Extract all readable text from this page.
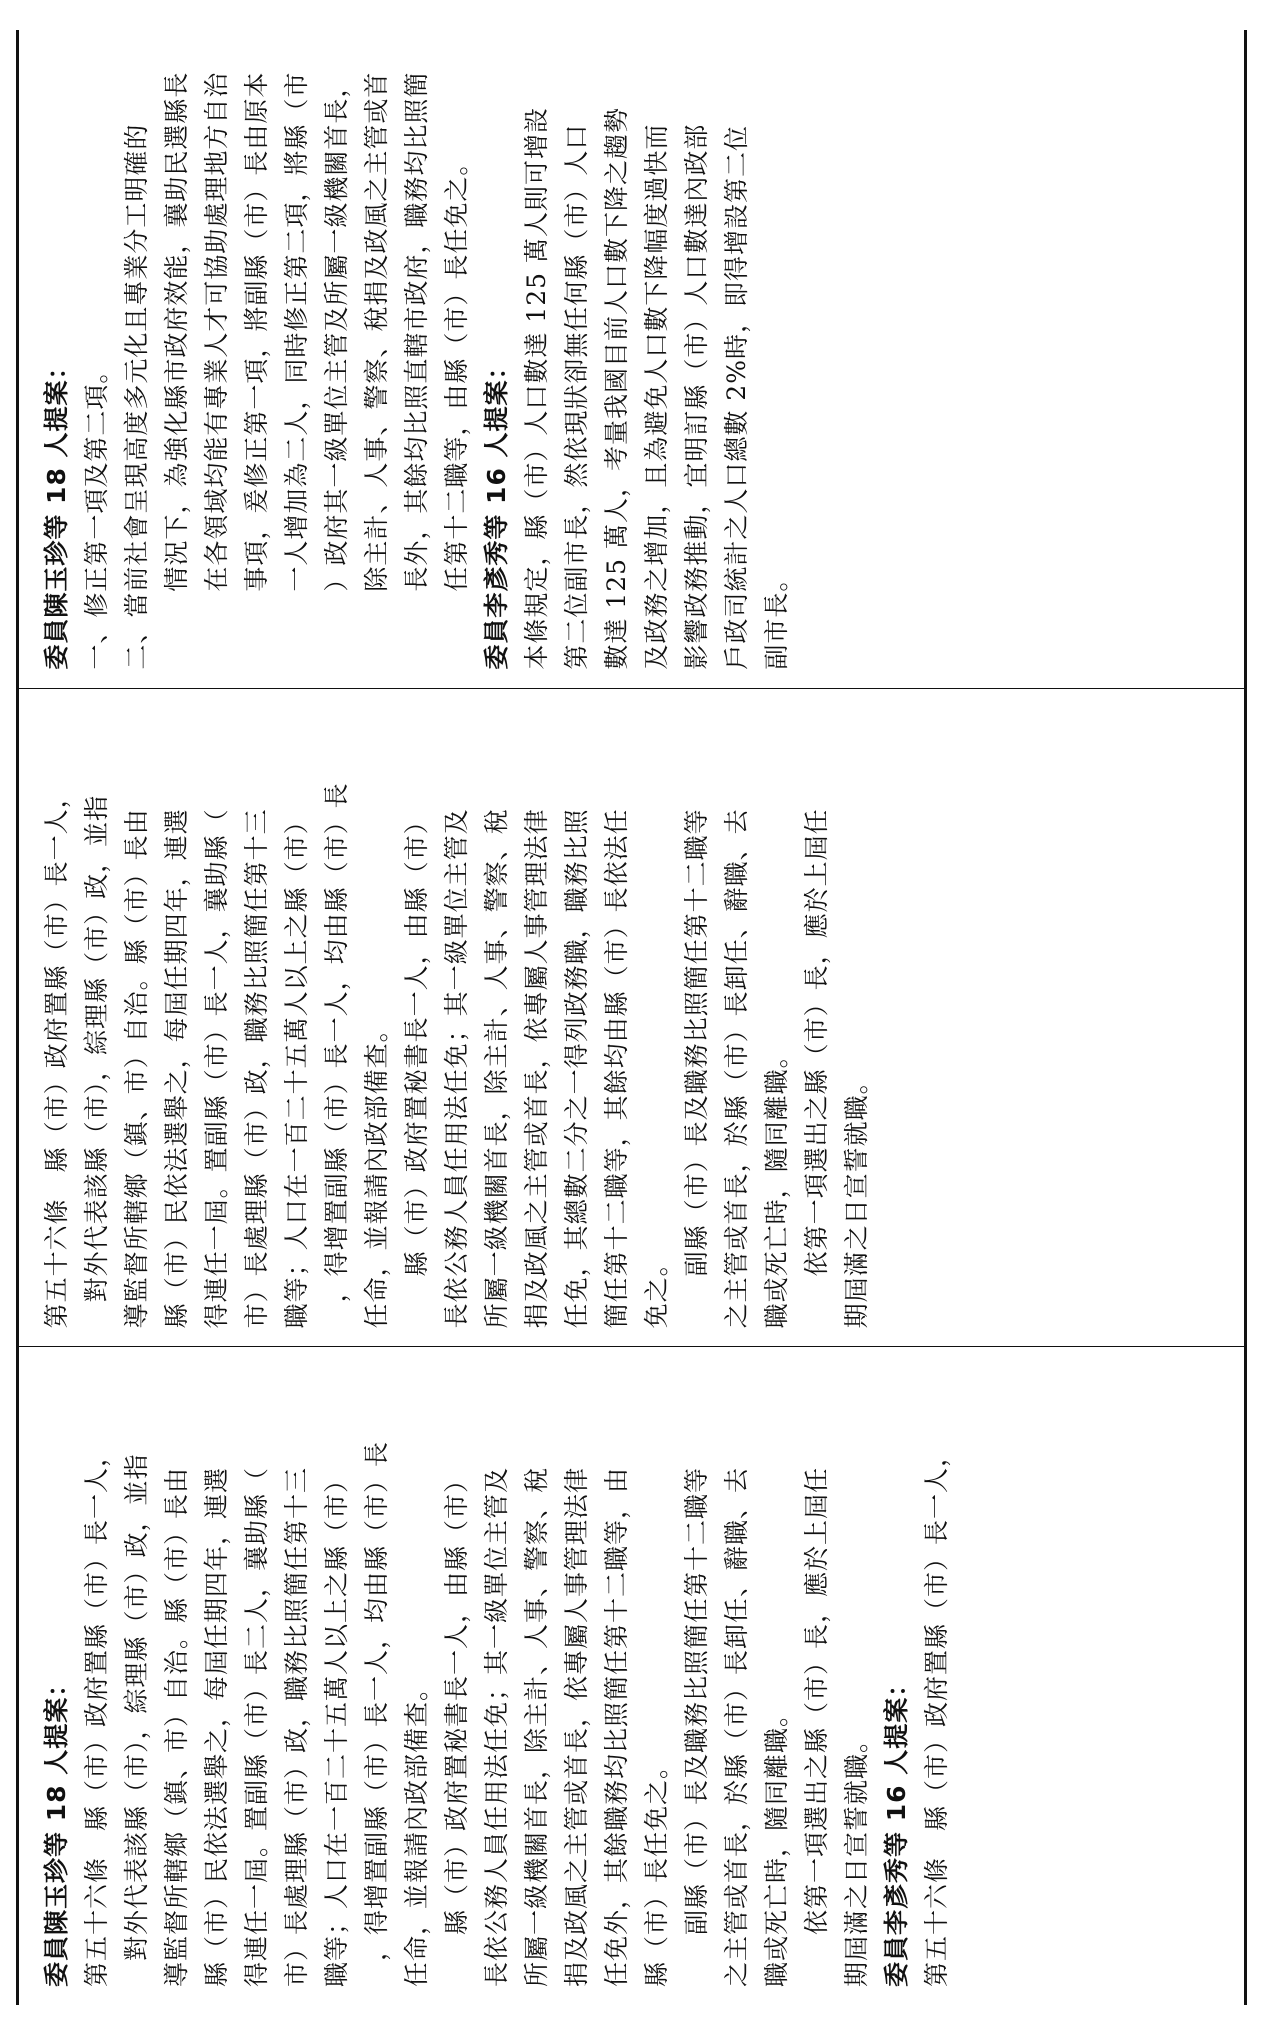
委員陳玉珍等 18 人提案： 第五十六條　縣（市）政府置縣（市）長一人， 對外代表該縣（市），綜理縣（市）政，並指 導監督所轄鄉（鎮、市）自治。縣（市）長由 縣（市）民依法選舉之，每屆任期四年，連選 得連任一屆。置副縣（市）長二人，襄助縣（ 市）長處理縣（市）政，職務比照簡任第十三 職等；人口在一百二十五萬人以上之縣（市） ，得增置副縣（市）長一人，均由縣（市）長 任命，並報請內政部備查。 縣（市）政府置秘書長一人，由縣（市） 長依公務人員任用法任免；其一級單位主管及 所屬一級機關首長，除主計、人事、警察、稅 捐及政風之主管或首長，依專屬人事管理法律 任免外，其餘職務均比照簡任第十二職等，由 縣（市）長任免之。 副縣（市）長及職務比照簡任第十二職等 之主管或首長，於縣（市）長卸任、辭職、去 職或死亡時，隨同離職。 依第一項選出之縣（市）長，應於上屆任 期屆滿之日宣誓就職。 委員李彥秀等 16 人提案： 第五十六條　縣（市）政府置縣（市）長一人，
第五十六條　縣（市）政府置縣（市）長一人， 對外代表該縣（市），綜理縣（市）政，並指 導監督所轄鄉（鎮、市）自治。縣（市）長由 縣（市）民依法選舉之，每屆任期四年，連選 得連任一屆。置副縣（市）長一人，襄助縣（ 市）長處理縣（市）政，職務比照簡任第十三 職等；人口在一百二十五萬人以上之縣（市） ，得增置副縣（市）長一人，均由縣（市）長 任命，並報請內政部備查。 縣（市）政府置秘書長一人，由縣（市） 長依公務人員任用法任免；其一級單位主管及 所屬一級機關首長，除主計、人事、警察、稅 捐及政風之主管或首長，依專屬人事管理法律 任免，其總數二分之一得列政務職，職務比照 簡任第十二職等，其餘均由縣（市）長依法任 免之。
副縣（市）長及職務比照簡任第十二職等 之主管或首長，於縣（市）長卸任、辭職、去 職或死亡時，隨同離職。 依第一項選出之縣（市）長，應於上屆任 期屆滿之日宣誓就職。
委員陳玉珍等 18 人提案： 一、修正第一項及第二項。 二、當前社會呈現高度多元化且專業分工明確的 情況下，為強化縣市政府效能，襄助民選縣長 在各領域均能有專業人才可協助處理地方自治 事項，爰修正第一項，將副縣（市）長由原本 一人增加為二人，同時修正第二項，將縣（市 ）政府其一級單位主管及所屬一級機關首長， 除主計、人事、警察、稅捐及政風之主管或首 長外，其餘均比照直轄市政府，職務均比照簡 任第十二職等，由縣（市）長任免之。 委員李彥秀等 16 人提案： 本條規定，縣（市）人口數達 125 萬人則可增設 第二位副市長，然依現狀卻無任何縣（市）人口 數達 125 萬人，考量我國目前人口數下降之趨勢 及政務之增加，且為避免人口數下降幅度過快而 影響政務推動，宜明訂縣（市）人口數達內政部 戶政司統計之人口總數 2%時，即得增設第二位 副市長。
